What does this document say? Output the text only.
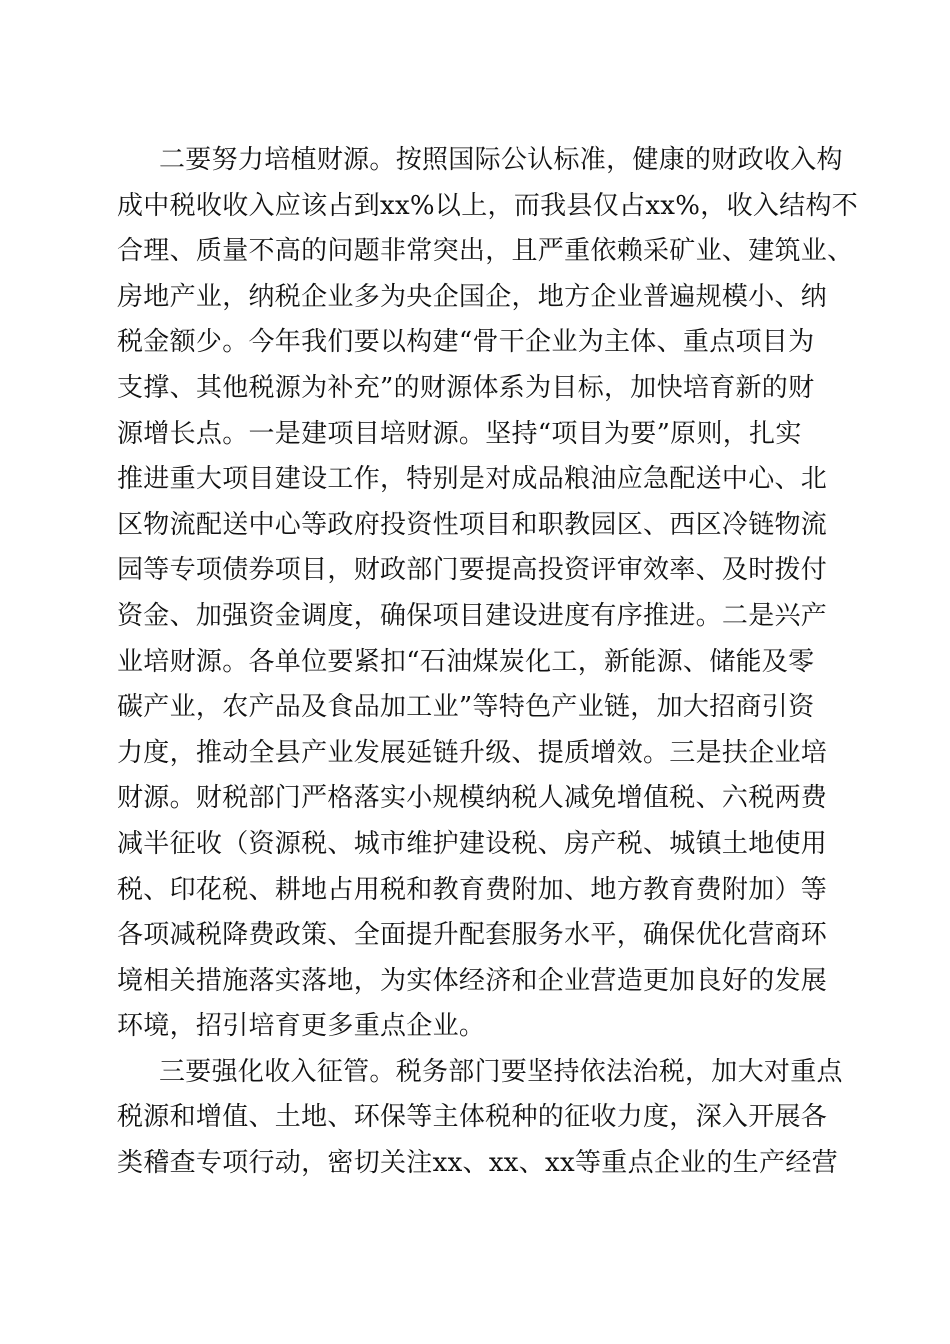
二要努力培植财源。按照国际公认标准，健康的财政收入构
成中税收收入应该占到xx%以上，而我县仅占xx%，收入结构不
合理、质量不高的问题非常突出，且严重依赖采矿业、建筑业、
房地产业，纳税企业多为央企国企，地方企业普遍规模小、纳
税金额少。今年我们要以构建“骨干企业为主体、重点项目为
支撑、其他税源为补充”的财源体系为目标，加快培育新的财
源增长点。一是建项目培财源。坚持“项目为要”原则，扎实
推进重大项目建设工作，特别是对成品粮油应急配送中心、北
区物流配送中心等政府投资性项目和职教园区、西区冷链物流
园等专项债券项目，财政部门要提高投资评审效率、及时拨付
资金、加强资金调度，确保项目建设进度有序推进。二是兴产
业培财源。各单位要紧扣“石油煤炭化工，新能源、储能及零
碳产业，农产品及食品加工业”等特色产业链，加大招商引资
力度，推动全县产业发展延链升级、提质增效。三是扶企业培
财源。财税部门严格落实小规模纳税人减免增值税、六税两费
减半征收（资源税、城市维护建设税、房产税、城镇土地使用
税、印花税、耕地占用税和教育费附加、地方教育费附加）等
各项减税降费政策、全面提升配套服务水平，确保优化营商环
境相关措施落实落地，为实体经济和企业营造更加良好的发展
环境，招引培育更多重点企业。
三要强化收入征管。税务部门要坚持依法治税，加大对重点
税源和增值、土地、环保等主体税种的征收力度，深入开展各
类稽查专项行动，密切关注xx、xx、xx等重点企业的生产经营
